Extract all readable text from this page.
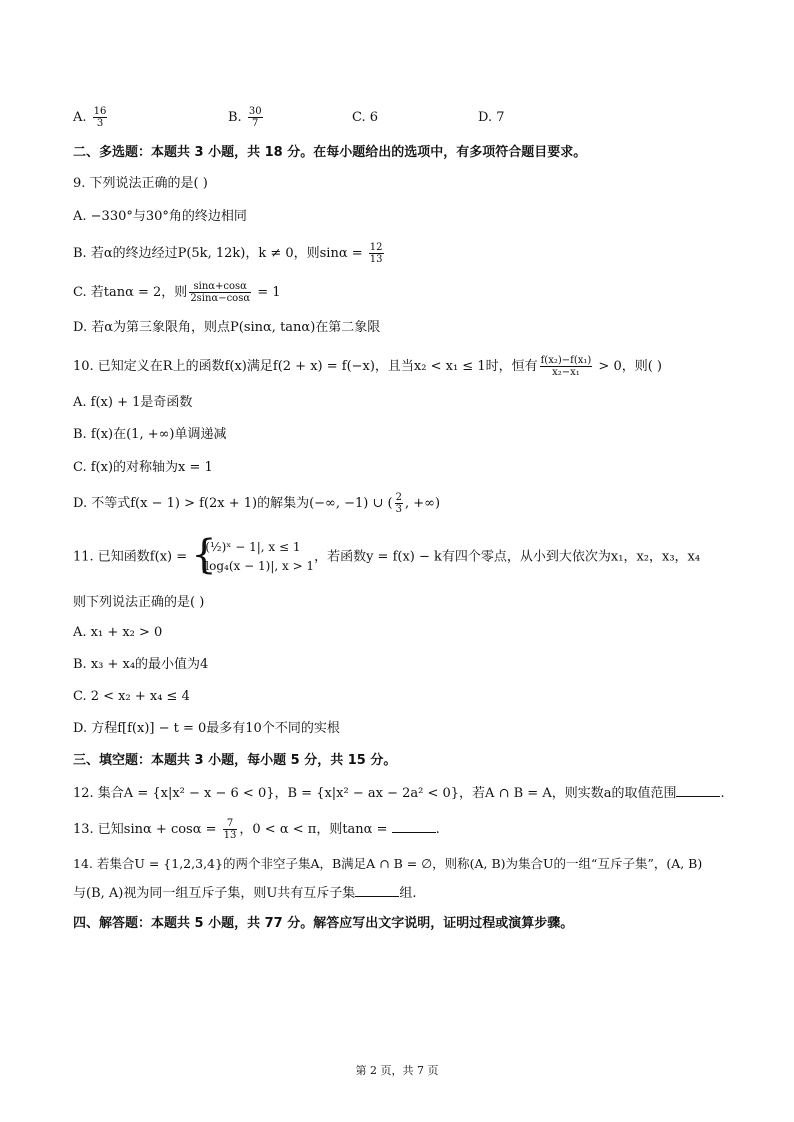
A. $\frac{16}{3}$	B. $\frac{30}{7}$	C. 6	D. 7
二、多选题：本题共 3 小题，共 18 分。在每小题给出的选项中，有多项符合题目要求。
9. 下列说法正确的是( )
A. −330°与30°角的终边相同
B. 若α的终边经过P(5k, 12k)，k ≠ 0，则$\sin\alpha = \frac{12}{13}$
C. 若tanα = 2，则 $\frac{\sin\alpha+\cos\alpha}{2\sin\alpha-\cos\alpha} = 1$
D. 若α为第三象限角，则点P(sinα, tanα)在第二象限
10. 已知定义在R上的函数f(x)满足f(2 + x) = f(−x)，且当x₂ < x₁ ≤ 1时，恒有 $\frac{\text{f(x₂)−f(x₁)}}{\text{x₂−x₁}} > 0$，则( )
A. f(x) + 1是奇函数
B. f(x)在(1, +∞)单调递减
C. f(x)的对称轴为x = 1
D. 不等式f(x − 1) > f(2x + 1)的解集为(−∞, −1) ∪ ( $\frac{2}{3}$ , +∞)
11. 已知函数f(x) = {
|(½)ˣ − 1|, x ≤ 1
|log₄(x − 1)|, x > 1
，若函数y = f(x) − k有四个零点，从小到大依次为x₁，x₂，x₃，x₄
则下列说法正确的是( )
A. x₁ + x₂ > 0
B. x₃ + x₄的最小值为4
C. 2 < x₂ + x₄ ≤ 4
D. 方程f[f(x)] − t = 0最多有10个不同的实根
三、填空题：本题共 3 小题，每小题 5 分，共 15 分。
12. 集合A = {x|x² − x − 6 < 0}，B = {x|x² − ax − 2a² < 0}，若A ∩ B = A，则实数a的取值范围	.
13. 已知$\sin\alpha + \cos\alpha = \frac{7}{13}$ ，0 < α < π，则tanα =	.
14. 若集合U = {1,2,3,4}的两个非空子集A，B满足A ∩ B = ∅，则称(A, B)为集合U的一组“互斥子集”，(A, B)
与(B, A)视为同一组互斥子集，则U共有互斥子集	组.
四、解答题：本题共 5 小题，共 77 分。解答应写出文字说明，证明过程或演算步骤。
第 2 页，共 7 页
